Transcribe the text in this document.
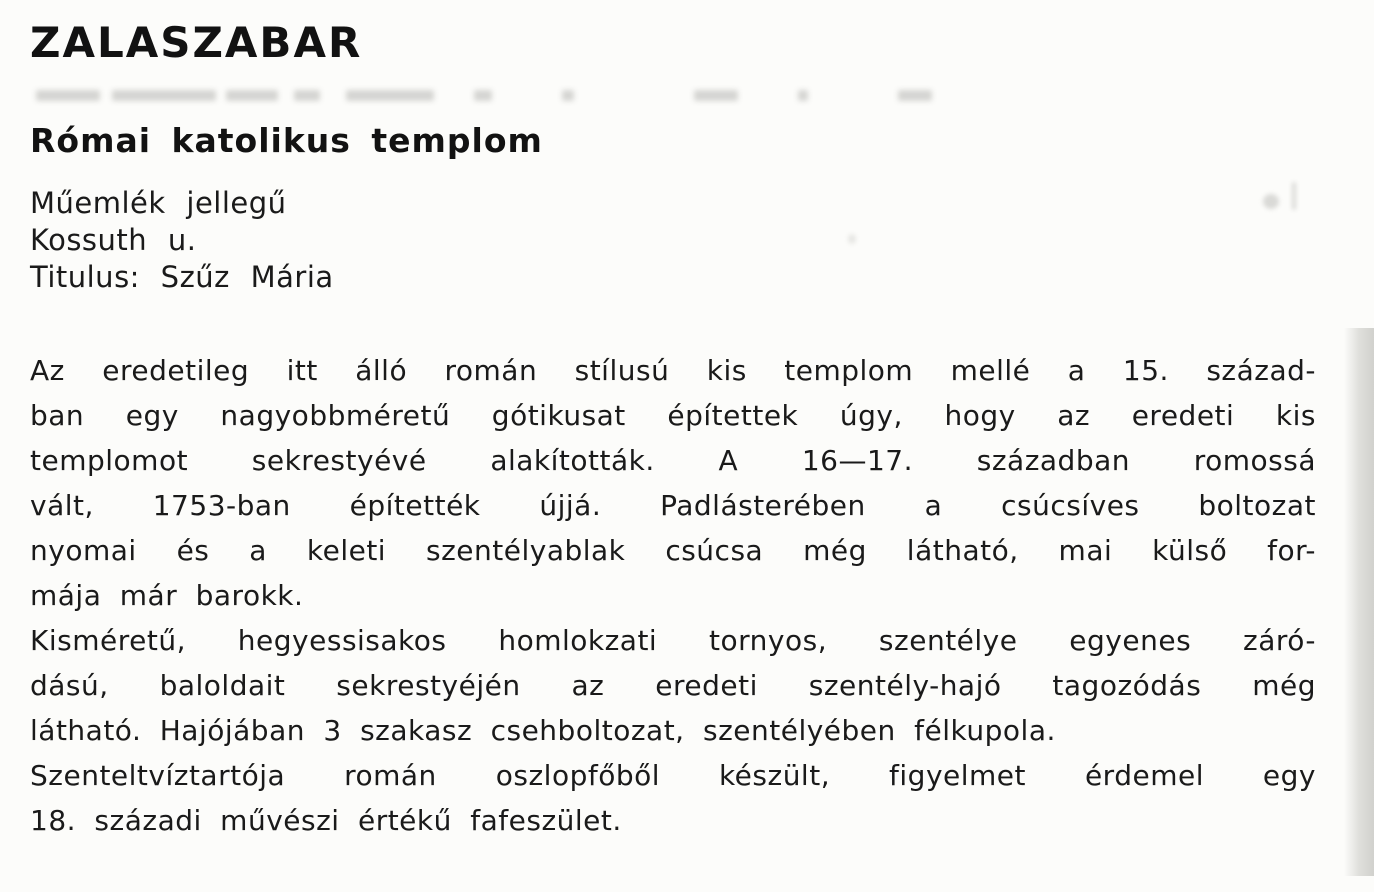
ZALASZABAR
Római katolikus templom
Műemlék jellegű
Kossuth u.
Titulus: Szűz Mária
Az eredetileg itt álló román stílusú kis templom mellé a 15. század-
ban egy nagyobbméretű gótikusat építettek úgy, hogy az eredeti kis
templomot sekrestyévé alakították. A 16—17. században romossá
vált, 1753-ban építették újjá. Padlásterében a csúcsíves boltozat
nyomai és a keleti szentélyablak csúcsa még látható, mai külső for-
mája már barokk.
Kisméretű, hegyessisakos homlokzati tornyos, szentélye egyenes záró-
dású, baloldait sekrestyéjén az eredeti szentély-hajó tagozódás még
látható. Hajójában 3 szakasz csehboltozat, szentélyében félkupola.
Szenteltvíztartója román oszlopfőből készült, figyelmet érdemel egy
18. századi művészi értékű fafeszület.
